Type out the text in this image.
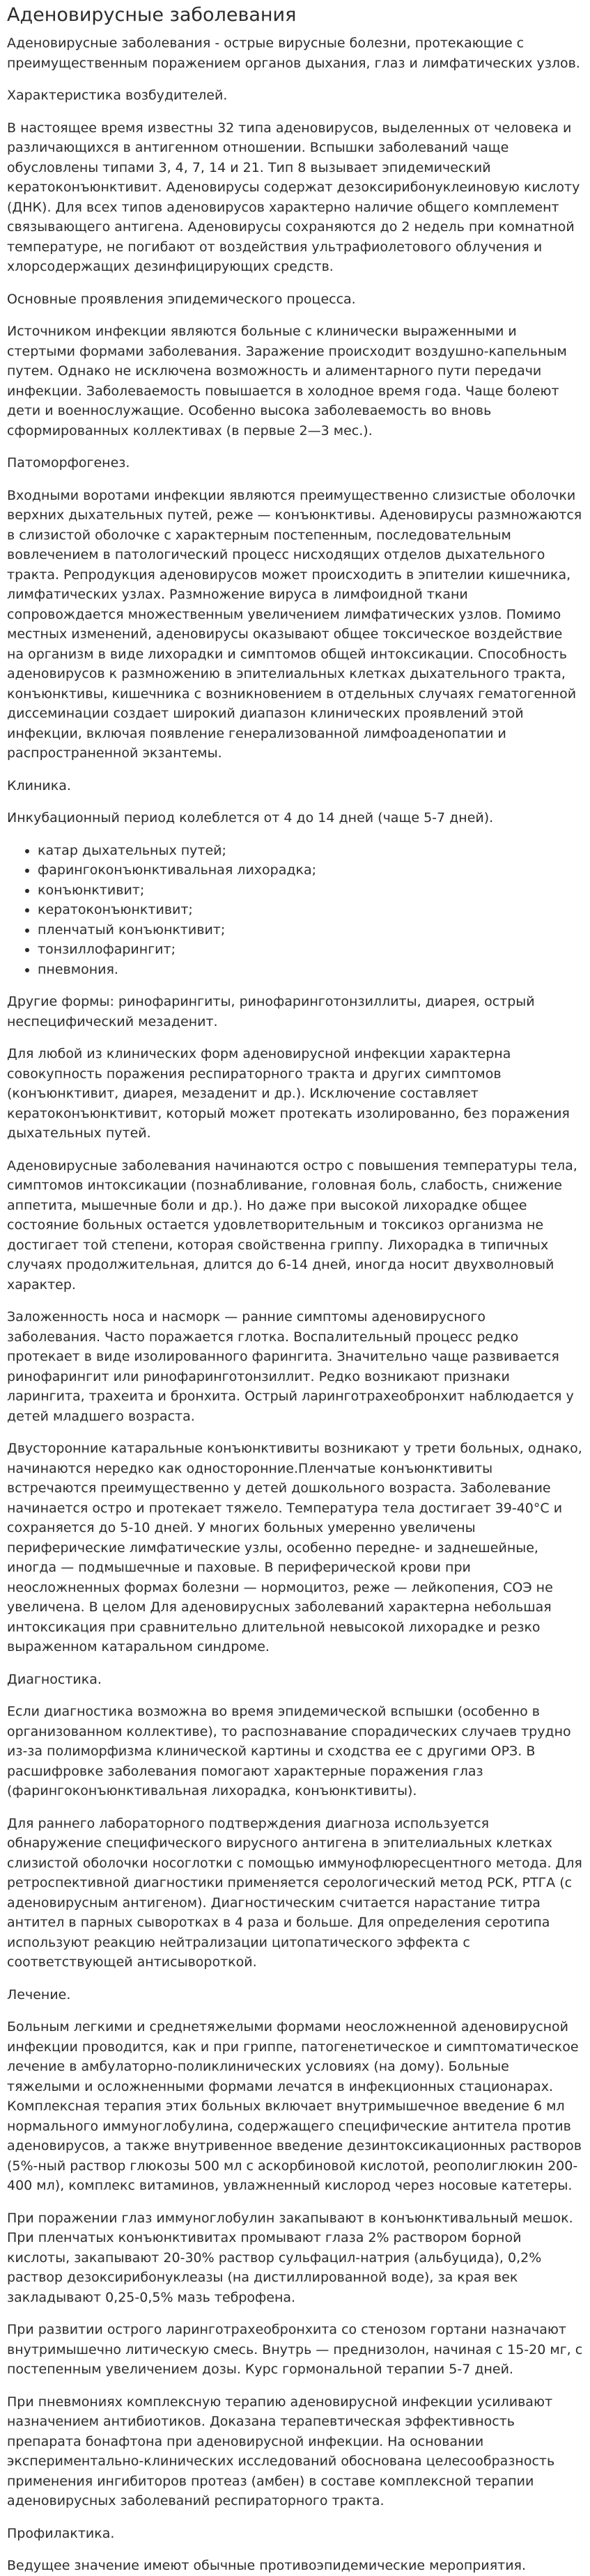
Аденовирусные заболевания

Аденовирусные заболевания - острые вирусные болезни, протекающие с преимущественным поражением органов дыхания, глаз и лимфатических узлов.

Характеристика возбудителей.

В настоящее время известны 32 типа аденовирусов, выделенных от человека и различающихся в антигенном отношении. Вспышки заболеваний чаще обусловлены типами 3, 4, 7, 14 и 21. Тип 8 вызывает эпидемический кератоконъюнктивит. Аденовирусы содержат дезоксирибонуклеиновую кислоту (ДНК). Для всех типов аденовирусов характерно наличие общего комплемент связывающего антигена. Аденовирусы сохраняются до 2 недель при комнатной температуре, не погибают от воздействия ультрафиолетового облучения и хлорсодержащих дезинфицирующих средств.

Основные проявления эпидемического процесса.

Источником инфекции являются больные с клинически выраженными и стертыми формами заболевания. Заражение происходит воздушно-капельным путем. Однако не исключена возможность и алиментарного пути передачи инфекции. Заболеваемость повышается в холодное время года. Чаще болеют дети и военнослужащие. Особенно высока заболеваемость во вновь сформированных коллективах (в первые 2—3 мес.).

Патоморфогенез.

Входными воротами инфекции являются преимущественно слизистые оболочки верхних дыхательных путей, реже — конъюнктивы. Аденовирусы размножаются в слизистой оболочке с характерным постепенным, последовательным вовлечением в патологический процесс нисходящих отделов дыхательного тракта. Репродукция аденовирусов может происходить в эпителии кишечника, лимфатических узлах. Размножение вируса в лимфоидной ткани сопровождается множественным увеличением лимфатических узлов. Помимо местных изменений, аденовирусы оказывают общее токсическое воздействие на организм в виде лихорадки и симптомов общей интоксикации. Способность аденовирусов к размножению в эпителиальных клетках дыхательного тракта, конъюнктивы, кишечника с возникновением в отдельных случаях гематогенной диссеминации создает широкий диапазон клинических проявлений этой инфекции, включая появление генерализованной лимфоаденопатии и распространенной экзантемы.

Клиника.

Инкубационный период колеблется от 4 до 14 дней (чаще 5-7 дней).

• катар дыхательных путей;
• фарингоконъюнктивальная лихорадка;
• конъюнктивит;
• кератоконъюнктивит;
• пленчатый конъюнктивит;
• тонзиллофарингит;
• пневмония.

Другие формы: ринофарингиты, ринофаринготонзиллиты, диарея, острый неспецифический мезаденит.

Для любой из клинических форм аденовирусной инфекции характерна совокупность поражения респираторного тракта и других симптомов (конъюнктивит, диарея, мезаденит и др.). Исключение составляет кератоконъюнктивит, который может протекать изолированно, без поражения дыхательных путей.

Аденовирусные заболевания начинаются остро с повышения температуры тела, симптомов интоксикации (познабливание, головная боль, слабость, снижение аппетита, мышечные боли и др.). Но даже при высокой лихорадке общее состояние больных остается удовлетворительным и токсикоз организма не достигает той степени, которая свойственна гриппу. Лихорадка в типичных случаях продолжительная, длится до 6-14 дней, иногда носит двухволновый характер.

Заложенность носа и насморк — ранние симптомы аденовирусного заболевания. Часто поражается глотка. Воспалительный процесс редко протекает в виде изолированного фарингита. Значительно чаще развивается ринофарингит или ринофаринготонзиллит. Редко возникают признаки ларингита, трахеита и бронхита. Острый ларинготрахеобронхит наблюдается у детей младшего возраста.

Двусторонние катаральные конъюнктивиты возникают у трети больных, однако, начинаются нередко как односторонние.Пленчатые конъюнктивиты встречаются преимущественно у детей дошкольного возраста. Заболевание начинается остро и протекает тяжело. Температура тела достигает 39-40°С и сохраняется до 5-10 дней. У многих больных умеренно увеличены периферические лимфатические узлы, особенно передне- и заднешейные, иногда — подмышечные и паховые. В периферической крови при неосложненных формах болезни — нормоцитоз, реже — лейкопения, СОЭ не увеличена. В целом Для аденовирусных заболеваний характерна небольшая интоксикация при сравнительно длительной невысокой лихорадке и резко выраженном катаральном синдроме.

Диагностика.

Если диагностика возможна во время эпидемической вспышки (особенно в организованном коллективе), то распознавание спорадических случаев трудно из-за полиморфизма клинической картины и сходства ее с другими ОРЗ. В расшифровке заболевания помогают характерные поражения глаз (фарингоконъюнктивальная лихорадка, конъюнктивиты).

Для раннего лабораторного подтверждения диагноза используется обнаружение специфического вирусного антигена в эпителиальных клетках слизистой оболочки носоглотки с помощью иммунофлюресцентного метода. Для ретроспективной диагностики применяется серологический метод РСК, РТГА (с аденовирусным антигеном). Диагностическим считается нарастание титра антител в парных сыворотках в 4 раза и больше. Для определения серотипа используют реакцию нейтрализации цитопатического эффекта с соответствующей антисывороткой.

Лечение.

Больным легкими и среднетяжелыми формами неосложненной аденовирусной инфекции проводится, как и при гриппе, патогенетическое и симптоматическое лечение в амбулаторно-поликлинических условиях (на дому). Больные тяжелыми и осложненными формами лечатся в инфекционных стационарах. Комплексная терапия этих больных включает внутримышечное введение 6 мл нормального иммуноглобулина, содержащего специфические антитела против аденовирусов, а также внутривенное введение дезинтоксикационных растворов (5%-ный раствор глюкозы 500 мл с аскорбиновой кислотой, реополиглюкин 200-400 мл), комплекс витаминов, увлажненный кислород через носовые катетеры.

При поражении глаз иммуноглобулин закапывают в конъюнктивальный мешок. При пленчатых конъюнктивитах промывают глаза 2% раствором борной кислоты, закапывают 20-30% раствор сульфацил-натрия (альбуцида), 0,2% раствор дезоксирибонуклеазы (на дистиллированной воде), за края век закладывают 0,25-0,5% мазь теброфена.

При развитии острого ларинготрахеобронхита со стенозом гортани назначают внутримышечно литическую смесь. Внутрь — преднизолон, начиная с 15-20 мг, с постепенным увеличением дозы. Курс гормональной терапии 5-7 дней.

При пневмониях комплексную терапию аденовирусной инфекции усиливают назначением антибиотиков. Доказана терапевтическая эффективность препарата бонафтона при аденовирусной инфекции. На основании экспериментально-клинических исследований обоснована целесообразность применения ингибиторов протеаз (амбен) в составе комплексной терапии аденовирусных заболеваний респираторного тракта.

Профилактика.

Ведущее значение имеют обычные противоэпидемические мероприятия.
